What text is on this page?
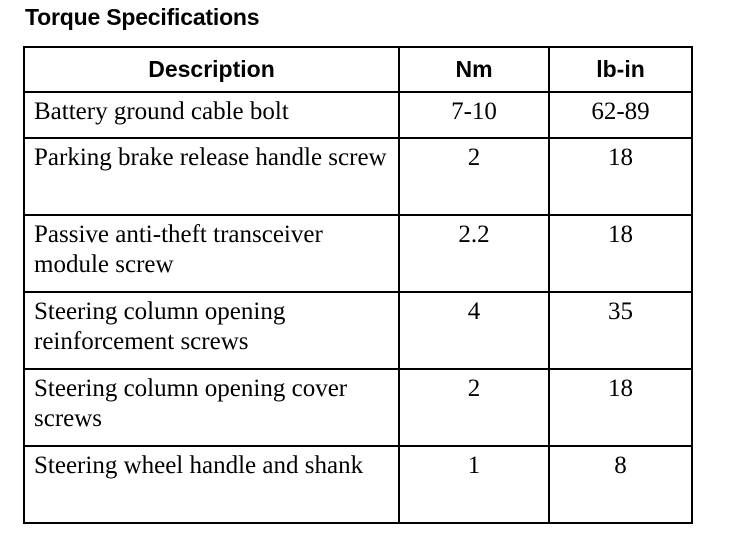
Torque Specifications
Description	Nm	lb-in
Battery ground cable bolt	7-10	62-89
Parking brake release handle screw	2	18
Passive anti-theft transceiver module screw	2.2	18
Steering column opening reinforcement screws	4	35
Steering column opening cover screws	2	18
Steering wheel handle and shank	1	8
